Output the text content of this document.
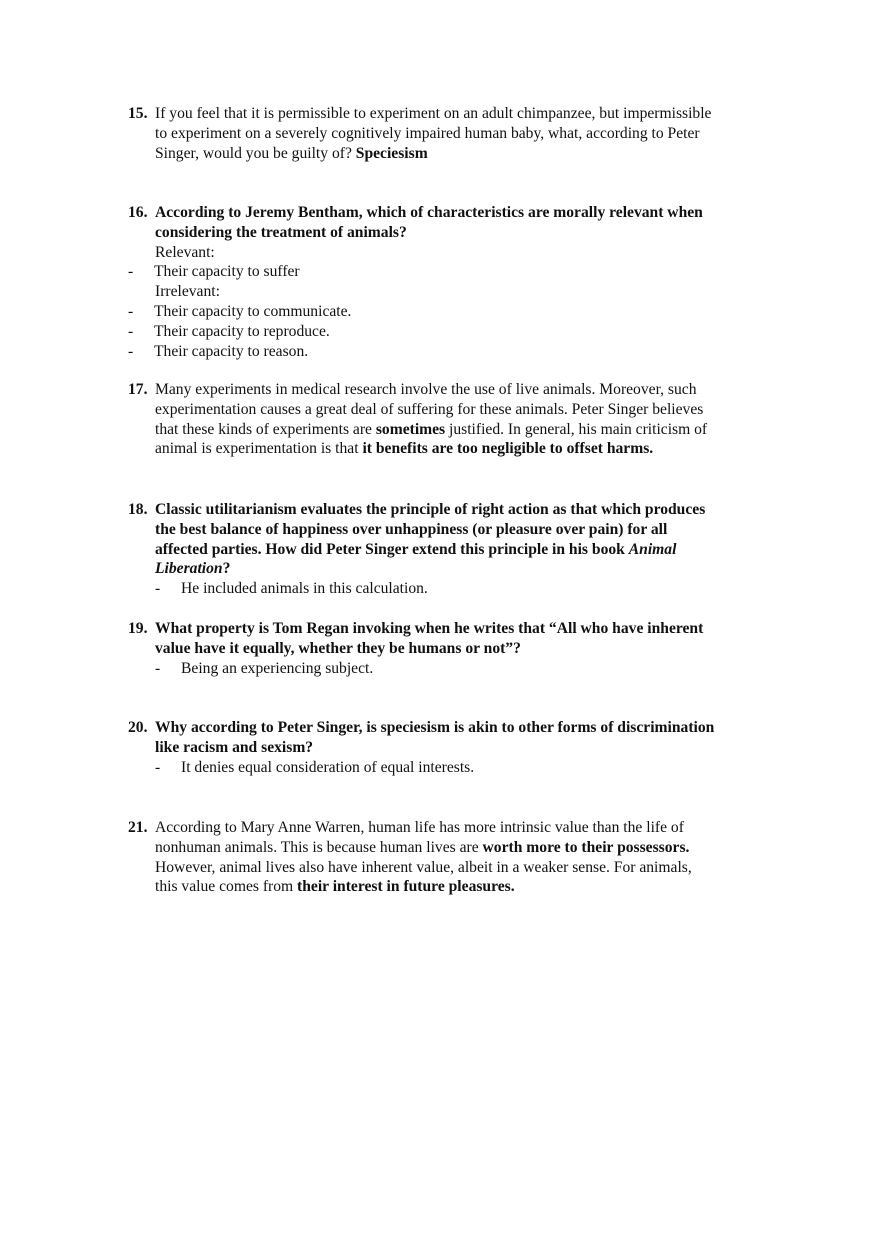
15. If you feel that it is permissible to experiment on an adult chimpanzee, but impermissible
to experiment on a severely cognitively impaired human baby, what, according to Peter
Singer, would you be guilty of? Speciesism
16. According to Jeremy Bentham, which of characteristics are morally relevant when
considering the treatment of animals?
Relevant:
- Their capacity to suffer
Irrelevant:
- Their capacity to communicate.
- Their capacity to reproduce.
- Their capacity to reason.
17. Many experiments in medical research involve the use of live animals. Moreover, such
experimentation causes a great deal of suffering for these animals. Peter Singer believes
that these kinds of experiments are sometimes justified. In general, his main criticism of
animal is experimentation is that it benefits are too negligible to offset harms.
18. Classic utilitarianism evaluates the principle of right action as that which produces
the best balance of happiness over unhappiness (or pleasure over pain) for all
affected parties. How did Peter Singer extend this principle in his book Animal
Liberation?
- He included animals in this calculation.
19. What property is Tom Regan invoking when he writes that “All who have inherent
value have it equally, whether they be humans or not”?
- Being an experiencing subject.
20. Why according to Peter Singer, is speciesism is akin to other forms of discrimination
like racism and sexism?
- It denies equal consideration of equal interests.
21. According to Mary Anne Warren, human life has more intrinsic value than the life of
nonhuman animals. This is because human lives are worth more to their possessors.
However, animal lives also have inherent value, albeit in a weaker sense. For animals,
this value comes from their interest in future pleasures.
